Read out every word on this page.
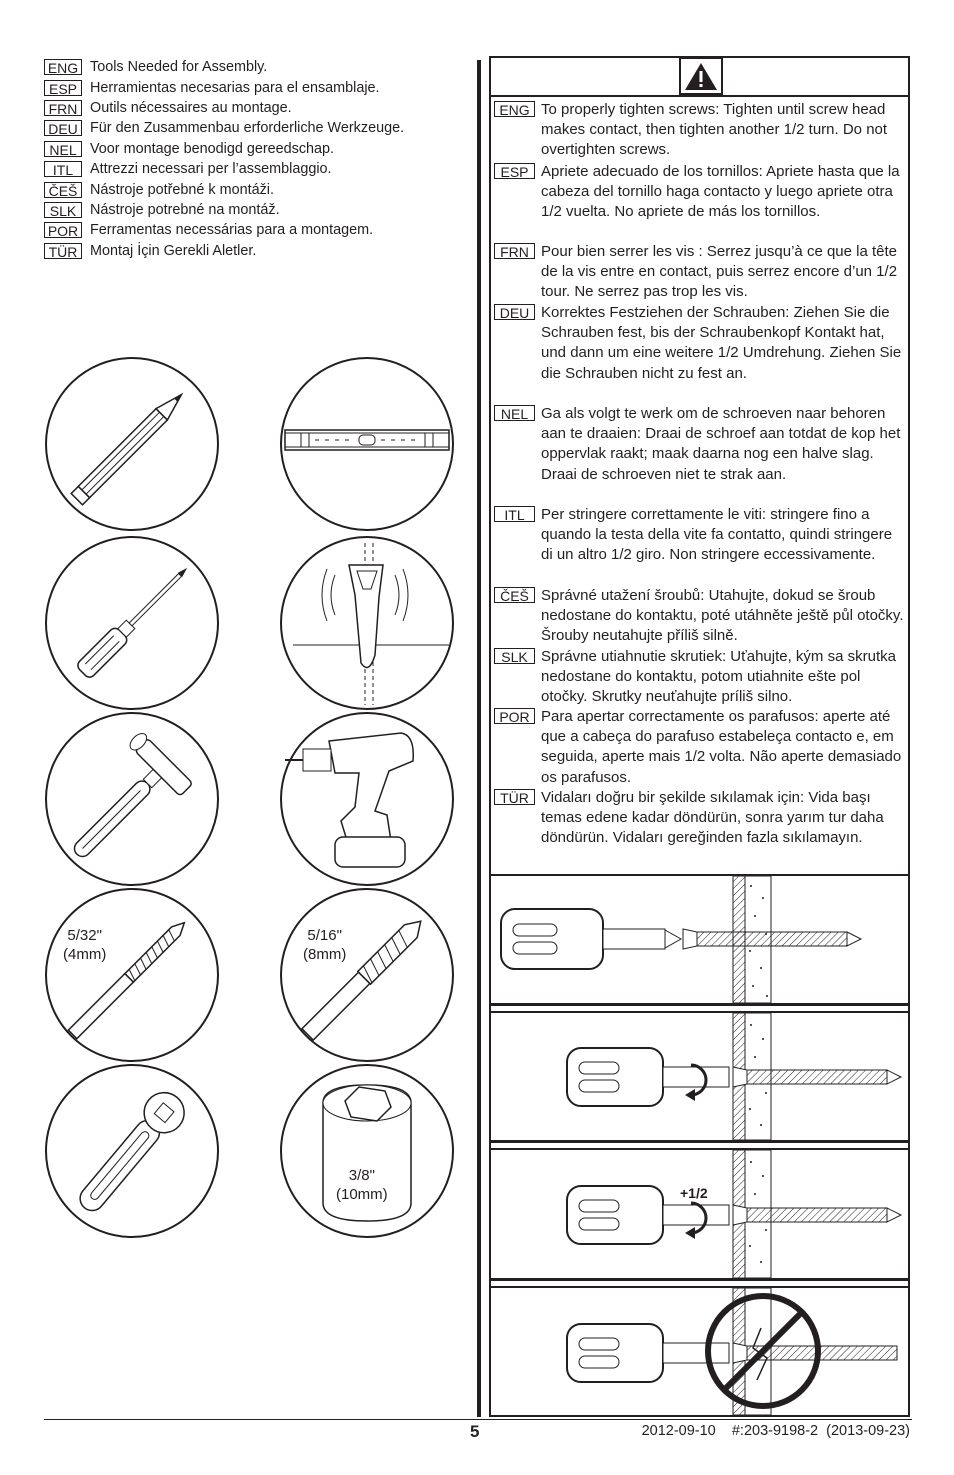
ENG Tools Needed for Assembly.
ESP Herramientas necesarias para el ensamblaje.
FRN Outils nécessaires au montage.
DEU Für den Zusammenbau erforderliche Werkzeuge.
NEL Voor montage benodigd gereedschap.
ITL	Attrezzi necessari per l’assemblaggio.
ČEŠ Nástroje potřebné k montáži.
SLK Nástroje potrebné na montáž.
POR Ferramentas necessárias para a montagem.
TÜR Montaj İçin Gerekli Aletler.
ENG To properly tighten screws: Tighten until screw head makes contact, then tighten another 1/2 turn. Do not overtighten screws.
ESP Apriete adecuado de los tornillos: Apriete hasta que la cabeza del tornillo haga contacto y luego apriete otra 1/2 vuelta. No apriete de más los tornillos.
FRN Pour bien serrer les vis : Serrez jusqu’à ce que la tête de la vis entre en contact, puis serrez encore d’un 1/2 tour. Ne serrez pas trop les vis.
DEU Korrektes Festziehen der Schrauben: Ziehen Sie die Schrauben fest, bis der Schraubenkopf Kontakt hat, und dann um eine weitere 1/2 Umdrehung. Ziehen Sie die Schrauben nicht zu fest an.
NEL Ga als volgt te werk om de schroeven naar behoren aan te draaien: Draai de schroef aan totdat de kop het oppervlak raakt; maak daarna nog een halve slag. Draai de schroeven niet te strak aan.
ITL	Per stringere correttamente le viti: stringere fino a quando la testa della vite fa contatto, quindi stringere di un altro 1/2 giro. Non stringere eccessivamente.
ČEŠ Správné utažení šroubů: Utahujte, dokud se šroub nedostane do kontaktu, poté utáhněte ještě půl otočky. Šrouby neutahujte příliš silně.
SLK Správne utiahnutie skrutiek: Uťahujte, kým sa skrutka nedostane do kontaktu, potom utiahnite ešte pol otočky. Skrutky neuťahujte príliš silno.
POR Para apertar correctamente os parafusos: aperte até que a cabeça do parafuso estabeleça contacto e, em seguida, aperte mais 1/2 volta. Não aperte demasiado os parafusos.
TÜR Vidaları doğru bir şekilde sıkılamak için: Vida başı temas edene kadar döndürün, sonra yarım tur daha döndürün. Vidaları gereğinden fazla sıkılamayın.
+1/2
5/32"
(4mm)
5/16"
(8mm)
3/8"
(10mm)
5	2012-09-10    #:203-9198-2  (2013-09-23)
